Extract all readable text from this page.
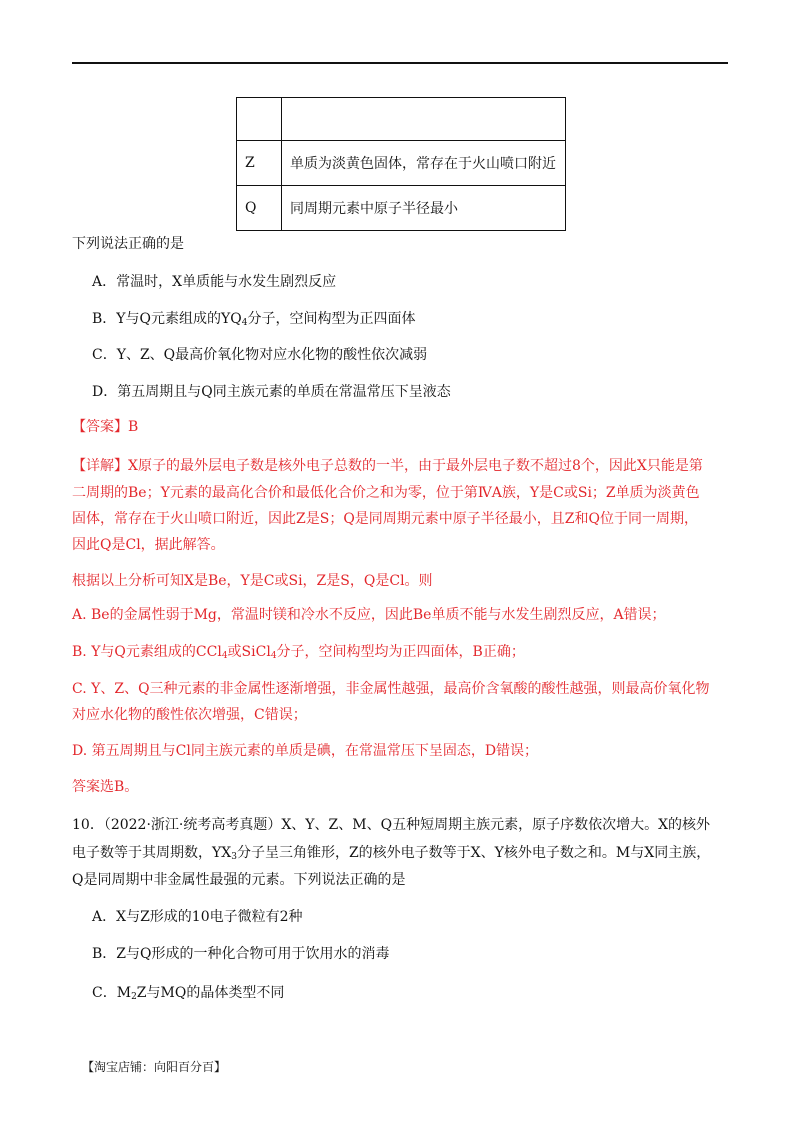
Z	单质为淡黄色固体，常存在于火山喷口附近
Q	同周期元素中原子半径最小
下列说法正确的是
A．常温时，X单质能与水发生剧烈反应
B．Y与Q元素组成的$YQ_4$分子，空间构型为正四面体
C．Y、Z、Q最高价氧化物对应水化物的酸性依次减弱
D．第五周期且与Q同主族元素的单质在常温常压下呈液态
【答案】B
【详解】X原子的最外层电子数是核外电子总数的一半，由于最外层电子数不超过8个，因此X只能是第
二周期的Be；Y元素的最高化合价和最低化合价之和为零，位于第ⅣA族，Y是C或Si；Z单质为淡黄色
固体，常存在于火山喷口附近，因此Z是S；Q是同周期元素中原子半径最小，且Z和Q位于同一周期，
因此Q是Cl，据此解答。
根据以上分析可知X是Be，Y是C或Si，Z是S，Q是Cl。则
A. Be的金属性弱于Mg，常温时镁和冷水不反应，因此Be单质不能与水发生剧烈反应，A错误；
B. Y与Q元素组成的CCl$_4$或SiCl$_4$分子，空间构型均为正四面体，B正确；
C. Y、Z、Q三种元素的非金属性逐渐增强，非金属性越强，最高价含氧酸的酸性越强，则最高价氧化物
对应水化物的酸性依次增强，C错误；
D. 第五周期且与Cl同主族元素的单质是碘，在常温常压下呈固态，D错误；
答案选B。
10．（2022·浙江·统考高考真题）X、Y、Z、M、Q五种短周期主族元素，原子序数依次增大。X的核外
电子数等于其周期数，$YX_3$分子呈三角锥形，Z的核外电子数等于X、Y核外电子数之和。M与X同主族，
Q是同周期中非金属性最强的元素。下列说法正确的是
A．X与Z形成的10电子微粒有2种
B．Z与Q形成的一种化合物可用于饮用水的消毒
C．$M_2Z$与MQ的晶体类型不同
【淘宝店铺：向阳百分百】
